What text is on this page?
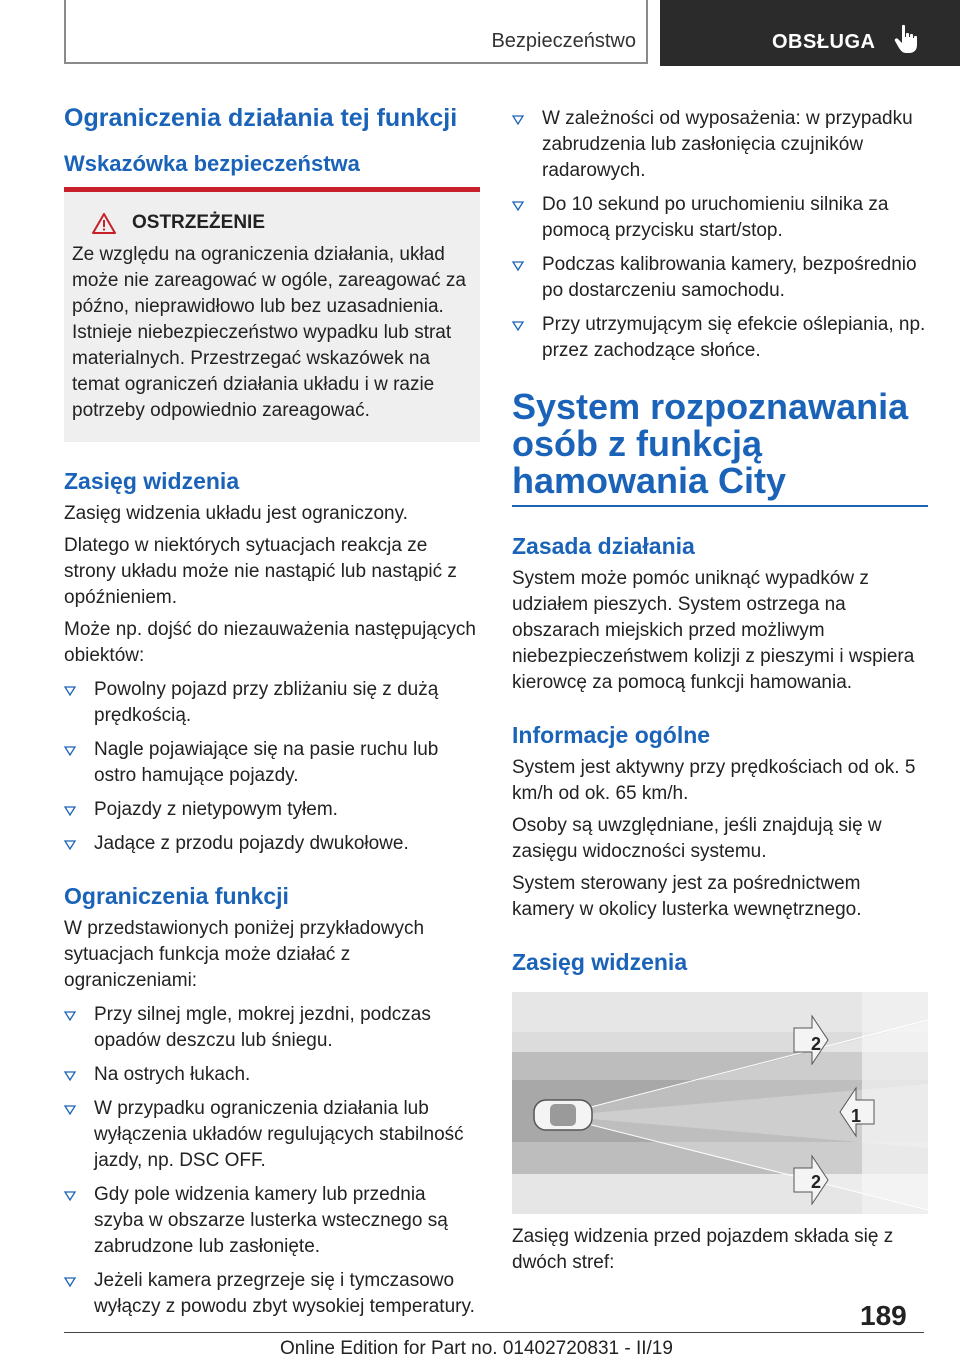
Bezpieczeństwo	OBSŁUGA
Ograniczenia działania tej funkcji
Wskazówka bezpieczeństwa
OSTRZEŻENIE

Ze względu na ograniczenia działania, układ może nie zareagować w ogóle, zareagować za późno, nieprawidłowo lub bez uzasadnienia. Istnieje niebezpieczeństwo wypadku lub strat materialnych. Przestrzegać wskazówek na temat ograniczeń działania układu i w razie potrzeby odpowiednio zareagować.

Zasięg widzenia

Zasięg widzenia układu jest ograniczony.

Dlatego w niektórych sytuacjach reakcja ze strony układu może nie nastąpić lub nastąpić z opóźnieniem.

Może np. dojść do niezauważenia następujących obiektów:

Powolny pojazd przy zbliżaniu się z dużą prędkością.
Nagle pojawiające się na pasie ruchu lub ostro hamujące pojazdy.
Pojazdy z nietypowym tyłem.
Jadące z przodu pojazdy dwukołowe.
Ograniczenia funkcji

W przedstawionych poniżej przykładowych sytuacjach funkcja może działać z ograniczeniami:

Przy silnej mgle, mokrej jezdni, podczas opadów deszczu lub śniegu.
Na ostrych łukach.
W przypadku ograniczenia działania lub wyłączenia układów regulujących stabilność jazdy, np. DSC OFF.
Gdy pole widzenia kamery lub przednia szyba w obszarze lusterka wstecznego są zabrudzone lub zasłonięte.
Jeżeli kamera przegrzeje się i tymczasowo wyłączy z powodu zbyt wysokiej temperatury.
W zależności od wyposażenia: w przypadku zabrudzenia lub zasłonięcia czujników radarowych.
Do 10 sekund po uruchomieniu silnika za pomocą przycisku start/stop.
Podczas kalibrowania kamery, bezpośrednio po dostarczeniu samochodu.
Przy utrzymującym się efekcie oślepiania, np. przez zachodzące słońce.
System rozpoznawania osób z funkcją hamowania City
Zasada działania

System może pomóc uniknąć wypadków z udziałem pieszych. System ostrzega na obszarach miejskich przed możliwym niebezpieczeństwem kolizji z pieszymi i wspiera kierowcę za pomocą funkcji hamowania.

Informacje ogólne

System jest aktywny przy prędkościach od ok. 5 km/h od ok. 65 km/h.

Osoby są uwzględniane, jeśli znajdują się w zasięgu widoczności systemu.

System sterowany jest za pośrednictwem kamery w okolicy lusterka wewnętrznego.

Zasięg widzenia
2
1
2

Zasięg widzenia przed pojazdem składa się z dwóch stref:

189
Online Edition for Part no. 01402720831 - II/19
